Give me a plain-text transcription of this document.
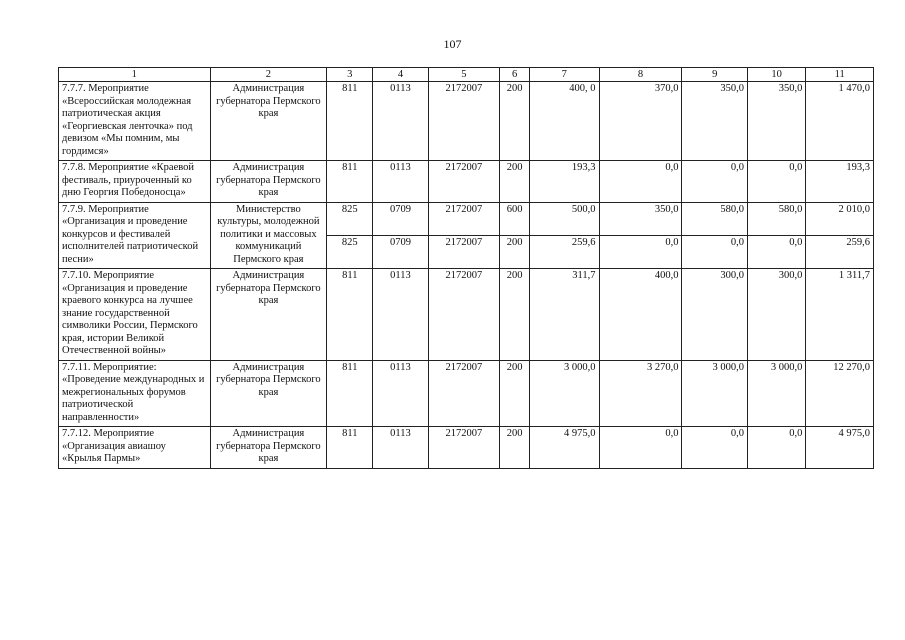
107
1	2	3	4	5	6	7	8	9	10	11
7.7.7. Мероприятие «Всероссийская молодежная патриотическая акция «Георгиевская ленточка» под девизом «Мы помним, мы гордимся»	Администрация губернатора Пермского края	811	0113	2172007	200	400, 0	370,0	350,0	350,0	1 470,0
7.7.8. Мероприятие «Краевой фестиваль, приуроченный ко дню Георгия Победоносца»	Администрация губернатора Пермского края	811	0113	2172007	200	193,3	0,0	0,0	0,0	193,3
7.7.9. Мероприятие «Организация и проведение конкурсов и фестивалей исполнителей патриотической песни»	Министерство культуры, молодежной политики и массовых коммуникаций Пермского края	825	0709	2172007	600	500,0	350,0	580,0	580,0	2 010,0
		825	0709	2172007	200	259,6	0,0	0,0	0,0	259,6
7.7.10. Мероприятие «Организация и проведение краевого конкурса на лучшее знание государственной символики России, Пермского края, истории Великой Отечественной войны»	Администрация губернатора Пермского края	811	0113	2172007	200	311,7	400,0	300,0	300,0	1 311,7
7.7.11. Мероприятие: «Проведение международных и межрегиональных форумов патриотической направленности»	Администрация губернатора Пермского края	811	0113	2172007	200	3 000,0	3 270,0	3 000,0	3 000,0	12 270,0
7.7.12. Мероприятие «Организация авиашоу «Крылья Пармы»	Администрация губернатора Пермского края	811	0113	2172007	200	4 975,0	0,0	0,0	0,0	4 975,0
